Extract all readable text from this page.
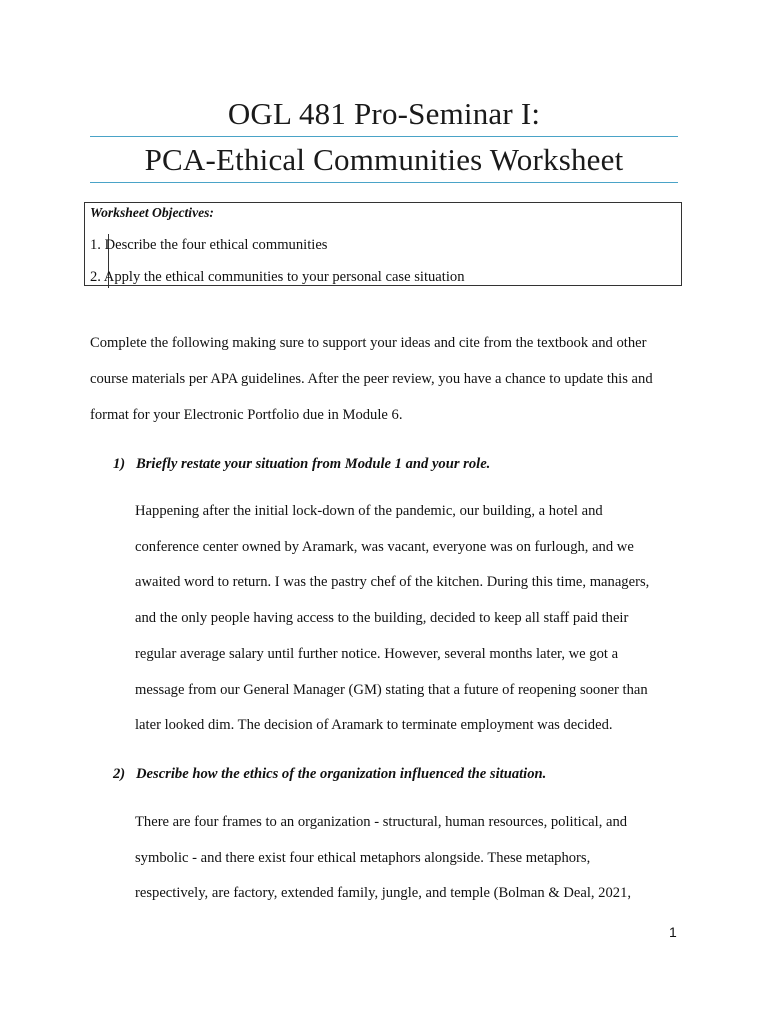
OGL 481 Pro-Seminar I:
PCA-Ethical Communities Worksheet
Worksheet Objectives:
1. Describe the four ethical communities
2. Apply the ethical communities to your personal case situation
Complete the following making sure to support your ideas and cite from the textbook and other
course materials per APA guidelines. After the peer review, you have a chance to update this and
format for your Electronic Portfolio due in Module 6.
1) Briefly restate your situation from Module 1 and your role.
Happening after the initial lock-down of the pandemic, our building, a hotel and
conference center owned by Aramark, was vacant, everyone was on furlough, and we
awaited word to return. I was the pastry chef of the kitchen. During this time, managers,
and the only people having access to the building, decided to keep all staff paid their
regular average salary until further notice. However, several months later, we got a
message from our General Manager (GM) stating that a future of reopening sooner than
later looked dim. The decision of Aramark to terminate employment was decided.
2) Describe how the ethics of the organization influenced the situation.
There are four frames to an organization - structural, human resources, political, and
symbolic - and there exist four ethical metaphors alongside. These metaphors,
respectively, are factory, extended family, jungle, and temple (Bolman & Deal, 2021,
1
